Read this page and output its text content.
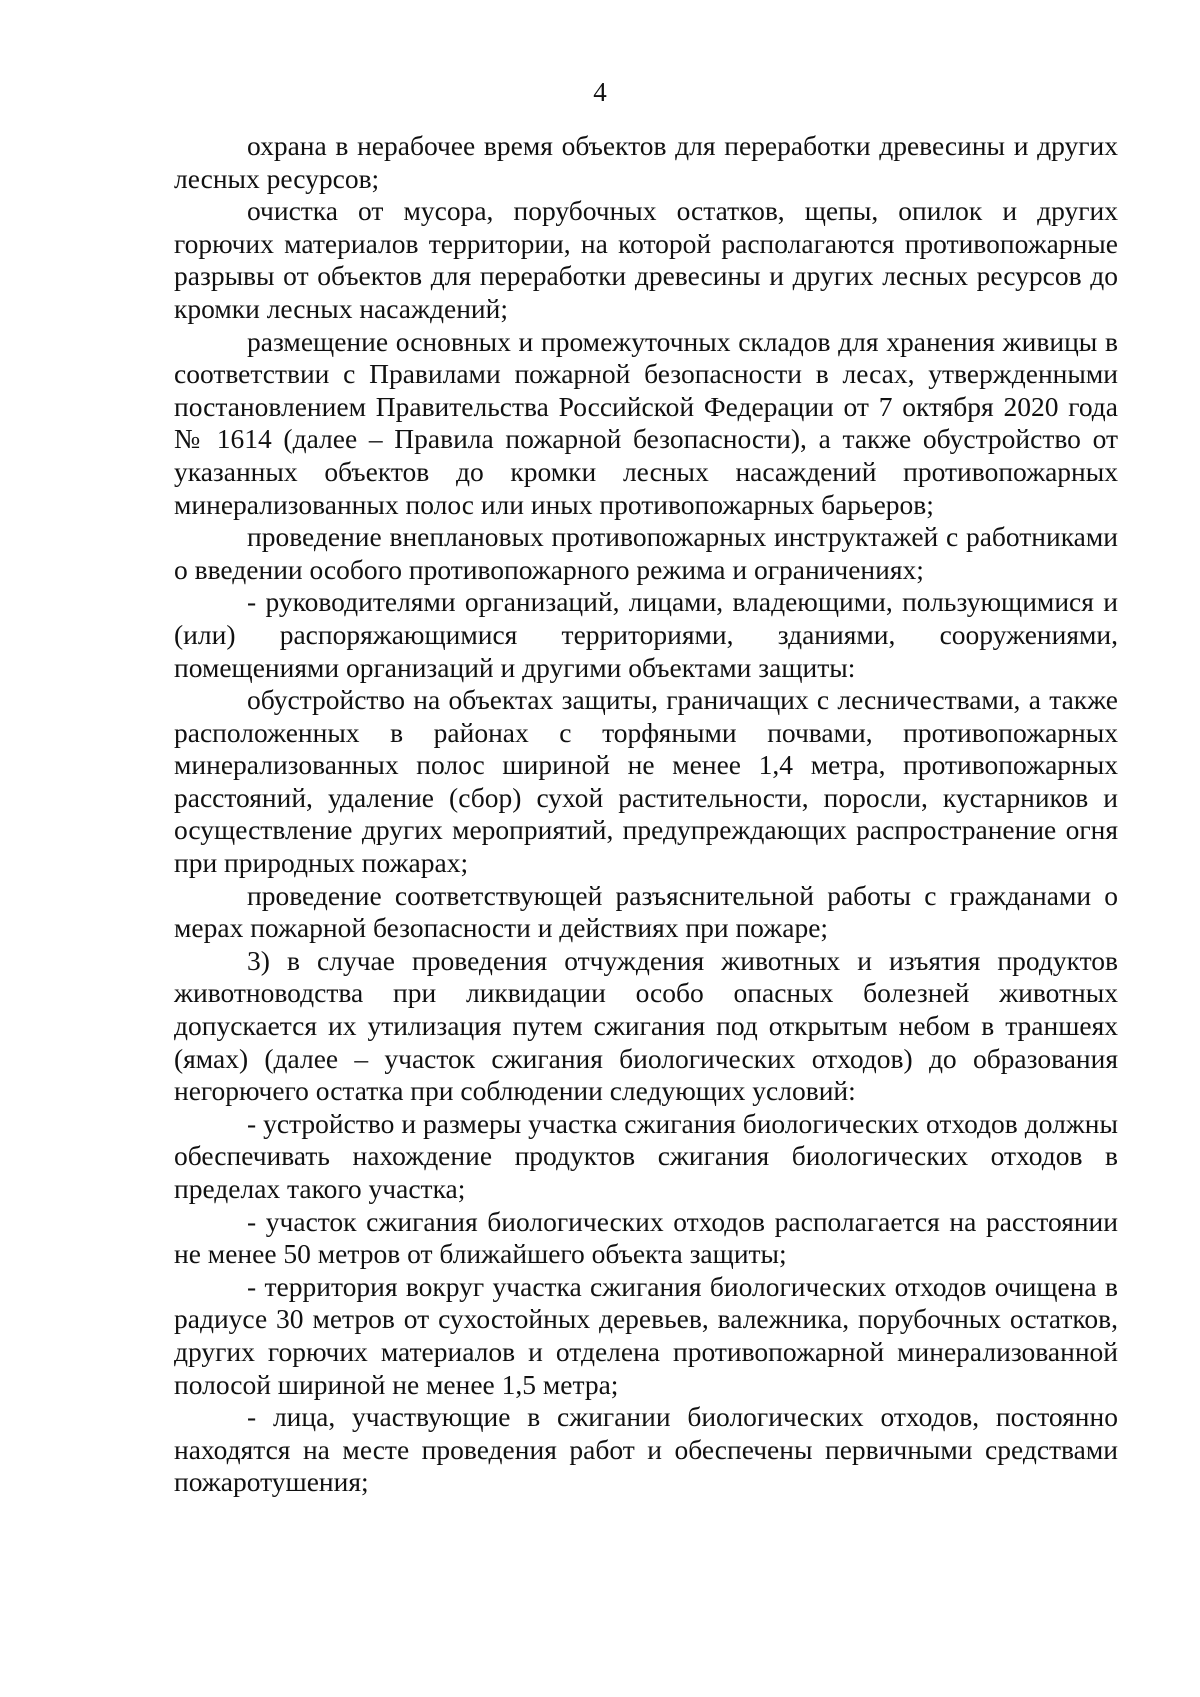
4

охрана в нерабочее время объектов для переработки древесины и других лесных ресурсов;

очистка от мусора, порубочных остатков, щепы, опилок и других горючих материалов территории, на которой располагаются противопожарные разрывы от объектов для переработки древесины и других лесных ресурсов до кромки лесных насаждений;

размещение основных и промежуточных складов для хранения живицы в соответствии с Правилами пожарной безопасности в лесах, утвержденными постановлением Правительства Российской Федерации от 7 октября 2020 года № 1614 (далее – Правила пожарной безопасности), а также обустройство от указанных объектов до кромки лесных насаждений противопожарных минерализованных полос или иных противопожарных барьеров;

проведение внеплановых противопожарных инструктажей с работниками о введении особого противопожарного режима и ограничениях;

- руководителями организаций, лицами, владеющими, пользующимися и (или) распоряжающимися территориями, зданиями, сооружениями, помещениями организаций и другими объектами защиты:

обустройство на объектах защиты, граничащих с лесничествами, а также расположенных в районах с торфяными почвами, противопожарных минерализованных полос шириной не менее 1,4 метра, противопожарных расстояний, удаление (сбор) сухой растительности, поросли, кустарников и осуществление других мероприятий, предупреждающих распространение огня при природных пожарах;

проведение соответствующей разъяснительной работы с гражданами о мерах пожарной безопасности и действиях при пожаре;

3) в случае проведения отчуждения животных и изъятия продуктов животноводства при ликвидации особо опасных болезней животных допускается их утилизация путем сжигания под открытым небом в траншеях (ямах) (далее – участок сжигания биологических отходов) до образования негорючего остатка при соблюдении следующих условий:

- устройство и размеры участка сжигания биологических отходов должны обеспечивать нахождение продуктов сжигания биологических отходов в пределах такого участка;

- участок сжигания биологических отходов располагается на расстоянии не менее 50 метров от ближайшего объекта защиты;

- территория вокруг участка сжигания биологических отходов очищена в радиусе 30 метров от сухостойных деревьев, валежника, порубочных остатков, других горючих материалов и отделена противопожарной минерализованной полосой шириной не менее 1,5 метра;

- лица, участвующие в сжигании биологических отходов, постоянно находятся на месте проведения работ и обеспечены первичными средствами пожаротушения;
